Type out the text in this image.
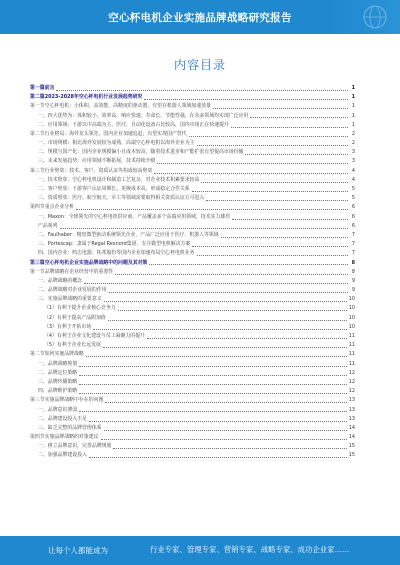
空心杯电机企业实施品牌战略研究报告
内容目录
第一篇 前言	1
第二篇 2023-2028年空心杯电机行业发展趋势研究	1
第一节 空心杯电机：小体积、高效能、高精度的驱动器，有望在机器人领域加速放量	1
一、 四大优势为：体积较小、效率高、响应快速、寿命长、节能性强，在众多领域均实现广泛应用	1
二、 应用领域：下游以中高端为主，医疗、自动化设备占比较高，国内市场正在快速提升	1
第二节 行业格局：海外龙头领先，国内企业加速追赶，有望实现国产替代	2
一、 市场规模：相比海外发展较为成熟，高端空心杯电机以海外企业为主	2
二、 规模与国产化：国内企业规模偏小且成本较高，随着技术进步和产能扩张有望提高市场份额	3
三、 未来发展趋势：应用领域不断拓展，技术持续升级	3
第三节 行业壁垒：技术、客户、资质认证等构成较高壁垒	4
一、 技术壁垒：空心杯电机设计和制造工艺复杂，对企业技术积累要求较高	4
二、 客户壁垒：下游客户认证周期长、更换成本高，形成稳定合作关系	5
三、 资质壁垒：医疗、航空航天、军工等领域需要取得相关资质认证方可进入	5
第四节 重点企业分析	6
一、 Maxon：全球领先的空心杯电机供应商，产品覆盖多个高端应用领域，技术实力雄厚	6
产品系列	6
二、 Faulhaber：精密微型驱动系统领先企业，产品广泛应用于医疗、机器人等领域	7
三、 Portescap：隶属于Regal Rexnord集团，专注微型电机解决方案	7
四、 国内企业：鸣志电器、拓邦股份等国内企业加速布局空心杯电机业务	7
第三篇 空心杯电机企业实施品牌战略中的问题及其对策	8
第一节 品牌战略在企业经营中的重要性	8
一、 品牌战略的概念	9
二、 品牌战略对企业发展的作用	9
三、 实施品牌战略的重要意义	10
（1） 有利于提升企业核心竞争力	10
（2） 有利于提高产品附加值	10
（3） 有利于开拓市场	10
（4） 有利于企业文化建设与员工凝聚力的提升	11
（5） 有利于企业长远发展	11
第二节 如何实施品牌战略	11
一、 品牌战略规划	11
二、 品牌定位策略	12
三、 品牌传播策略	12
四、 品牌维护策略	12
第三节 实施品牌战略中存在的问题	13
一、 品牌意识薄弱	13
二、 品牌建设投入不足	13
三、 缺乏完整的品牌管理体系	14
第四节 实施品牌战略的对策建议	14
一、 树立品牌意识，完善品牌规划	15
二、 加强品牌建设投入	15
让每个人都能成为	行业专家、管理专家、营销专家、战略专家、成功企业家……
